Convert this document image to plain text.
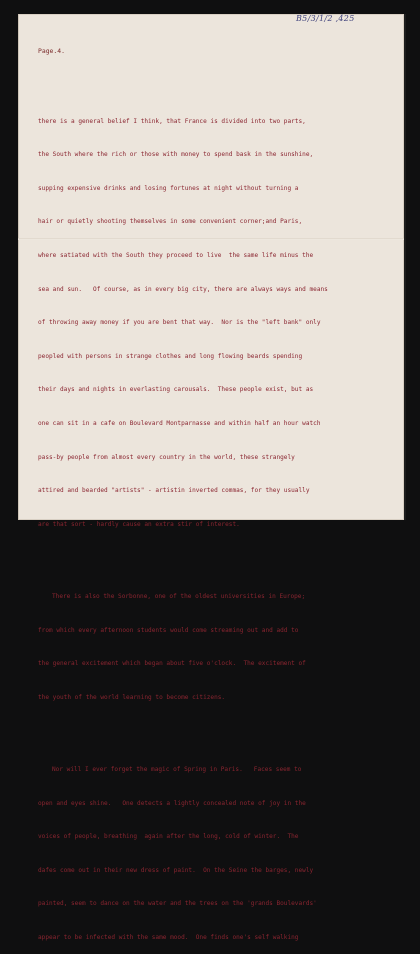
B5/3/1/2 ,425
Page.4.

there is a general belief I think, that France is divided into two parts,

the South where the rich or those with money to spend bask in the sunshine,

supping expensive drinks and losing fortunes at night without turning a

hair or quietly shooting themselves in some convenient corner;and Paris,

where satiated with the South they proceed to live  the same life minus the

sea and sun.   Of course, as in every big city, there are always ways and means

of throwing away money if you are bent that way.  Nor is the "left bank" only

peopled with persons in strange clothes and long flowing beards spending

their days and nights in everlasting carousals.  These people exist, but as

one can sit in a cafe on Boulevard Montparnasse and within half an hour watch

pass-by people from almost every country in the world, these strangely

attired and bearded "artists" - artistin inverted commas, for they usually

are that sort - hardly cause an extra stir of interest.

There is also the Sorbonne, one of the oldest universities in Europe;

from which every afternoon students would come streaming out and add to

the general excitement which began about five o'clock.  The excitement of

the youth of the world learning to become citizens.

Nor will I ever forget the magic of Spring in Paris.   Faces seem to

open and eyes shine.   One detects a lightly concealed note of joy in the

voices of people, breathing  again after the long, cold of winter.  The

dafes come out in their new dress of paint.  On the Seine the barges, newly

painted, seem to dance on the water and the trees on the 'grands Boulevards'

appear to be infected with the same mood.  One finds one's self walking
